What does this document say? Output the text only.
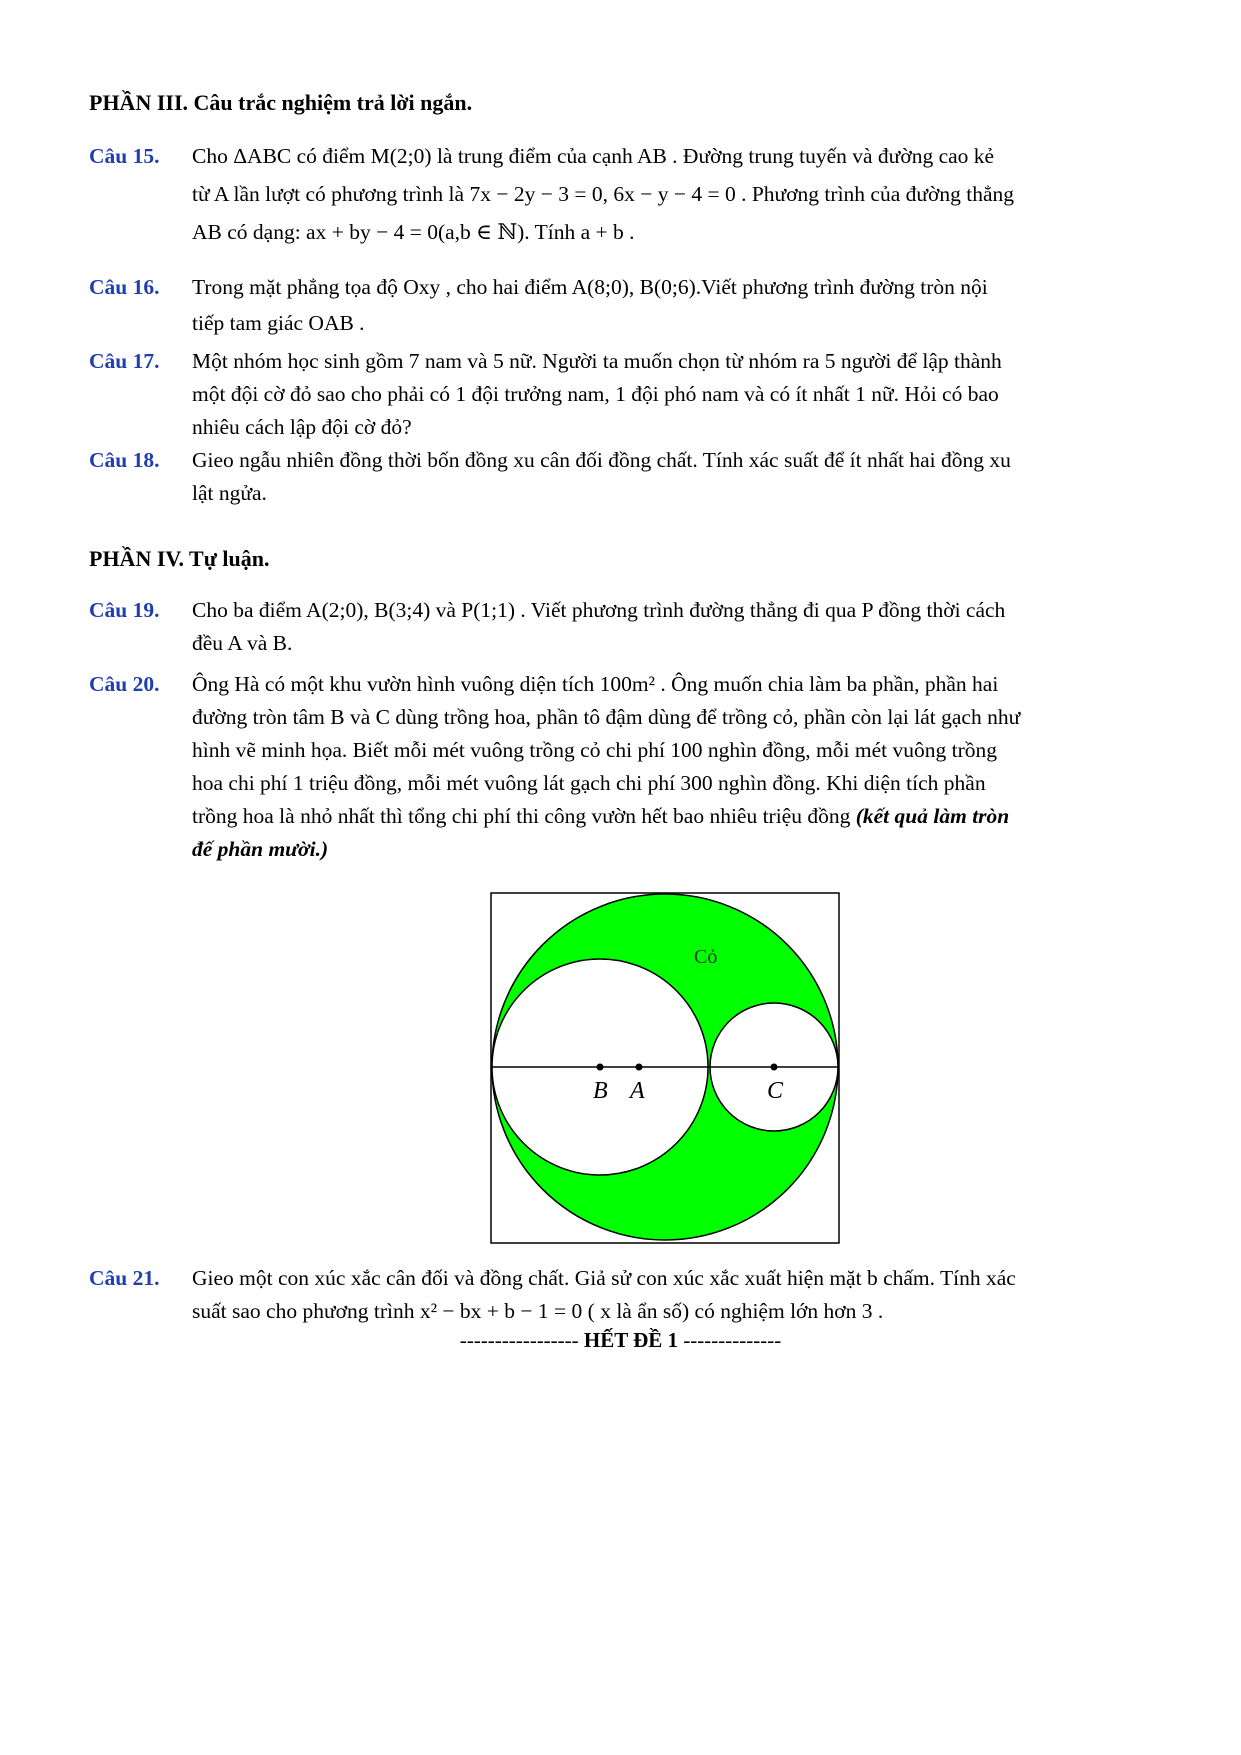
PHẦN III. Câu trắc nghiệm trả lời ngắn.
Câu 15. Cho ΔABC có điểm M(2;0) là trung điểm của cạnh AB . Đường trung tuyến và đường cao kẻ
từ A lần lượt có phương trình là 7x − 2y − 3 = 0, 6x − y − 4 = 0 . Phương trình của đường thẳng
AB có dạng: ax + by − 4 = 0(a,b ∈ ℕ). Tính a + b .
Câu 16. Trong mặt phẳng tọa độ Oxy , cho hai điểm A(8;0), B(0;6).Viết phương trình đường tròn nội
tiếp tam giác OAB .
Câu 17. Một nhóm học sinh gồm 7 nam và 5 nữ. Người ta muốn chọn từ nhóm ra 5 người để lập thành
một đội cờ đỏ sao cho phải có 1 đội trưởng nam, 1 đội phó nam và có ít nhất 1 nữ. Hỏi có bao
nhiêu cách lập đội cờ đỏ?
Câu 18. Gieo ngẫu nhiên đồng thời bốn đồng xu cân đối đồng chất. Tính xác suất để ít nhất hai đồng xu
lật ngửa.
PHẦN IV. Tự luận.
Câu 19. Cho ba điểm A(2;0), B(3;4) và P(1;1) . Viết phương trình đường thẳng đi qua P đồng thời cách
đều A và B.
Câu 20. Ông Hà có một khu vườn hình vuông diện tích 100m² . Ông muốn chia làm ba phần, phần hai
đường tròn tâm B và C dùng trồng hoa, phần tô đậm dùng để trồng cỏ, phần còn lại lát gạch như
hình vẽ minh họa. Biết mỗi mét vuông trồng cỏ chi phí 100 nghìn đồng, mỗi mét vuông trồng
hoa chi phí 1 triệu đồng, mỗi mét vuông lát gạch chi phí 300 nghìn đồng. Khi diện tích phần
trồng hoa là nhỏ nhất thì tổng chi phí thi công vườn hết bao nhiêu triệu đồng (kết quả làm tròn
đế phần mười.)
B A	C
Cỏ
Câu 21. Gieo một con xúc xắc cân đối và đồng chất. Giả sử con xúc xắc xuất hiện mặt b chấm. Tính xác
suất sao cho phương trình x² − bx + b − 1 = 0 ( x là ẩn số) có nghiệm lớn hơn 3 .
----------------- HẾT ĐỀ 1 --------------
